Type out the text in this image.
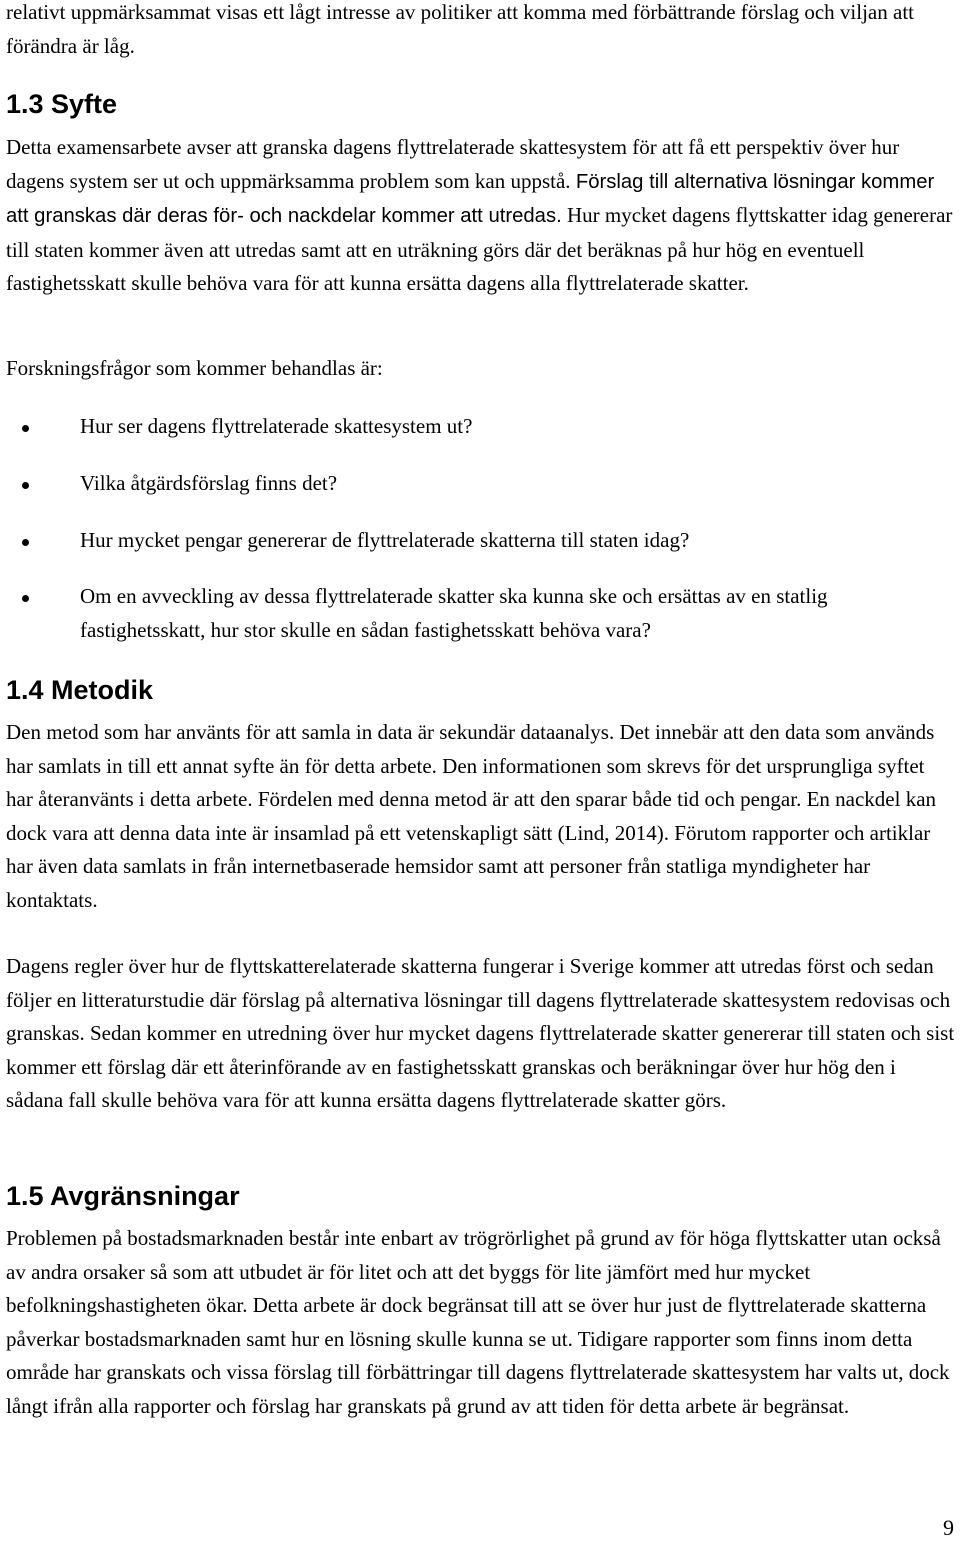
relativt uppmärksammat visas ett lågt intresse av politiker att komma med förbättrande förslag och viljan att förändra är låg.

1.3 Syfte

Detta examensarbete avser att granska dagens flyttrelaterade skattesystem för att få ett perspektiv över hur dagens system ser ut och uppmärksamma problem som kan uppstå. Förslag till alternativa lösningar kommer att granskas där deras för- och nackdelar kommer att utredas. Hur mycket dagens flyttskatter idag genererar till staten kommer även att utredas samt att en uträkning görs där det beräknas på hur hög en eventuell fastighetsskatt skulle behöva vara för att kunna ersätta dagens alla flyttrelaterade skatter.

Forskningsfrågor som kommer behandlas är:

Hur ser dagens flyttrelaterade skattesystem ut?
Vilka åtgärdsförslag finns det?
Hur mycket pengar genererar de flyttrelaterade skatterna till staten idag?
Om en avveckling av dessa flyttrelaterade skatter ska kunna ske och ersättas av en statlig fastighetsskatt, hur stor skulle en sådan fastighetsskatt behöva vara?
1.4 Metodik

Den metod som har använts för att samla in data är sekundär dataanalys. Det innebär att den data som används har samlats in till ett annat syfte än för detta arbete. Den informationen som skrevs för det ursprungliga syftet har återanvänts i detta arbete. Fördelen med denna metod är att den sparar både tid och pengar. En nackdel kan dock vara att denna data inte är insamlad på ett vetenskapligt sätt (Lind, 2014). Förutom rapporter och artiklar har även data samlats in från internetbaserade hemsidor samt att personer från statliga myndigheter har kontaktats.

Dagens regler över hur de flyttskatterelaterade skatterna fungerar i Sverige kommer att utredas först och sedan följer en litteraturstudie där förslag på alternativa lösningar till dagens flyttrelaterade skattesystem redovisas och granskas. Sedan kommer en utredning över hur mycket dagens flyttrelaterade skatter genererar till staten och sist kommer ett förslag där ett återinförande av en fastighetsskatt granskas och beräkningar över hur hög den i sådana fall skulle behöva vara för att kunna ersätta dagens flyttrelaterade skatter görs.

1.5 Avgränsningar

Problemen på bostadsmarknaden består inte enbart av trögrörlighet på grund av för höga flyttskatter utan också av andra orsaker så som att utbudet är för litet och att det byggs för lite jämfört med hur mycket befolkningshastigheten ökar. Detta arbete är dock begränsat till att se över hur just de flyttrelaterade skatterna påverkar bostadsmarknaden samt hur en lösning skulle kunna se ut. Tidigare rapporter som finns inom detta område har granskats och vissa förslag till förbättringar till dagens flyttrelaterade skattesystem har valts ut, dock långt ifrån alla rapporter och förslag har granskats på grund av att tiden för detta arbete är begränsat.

9
